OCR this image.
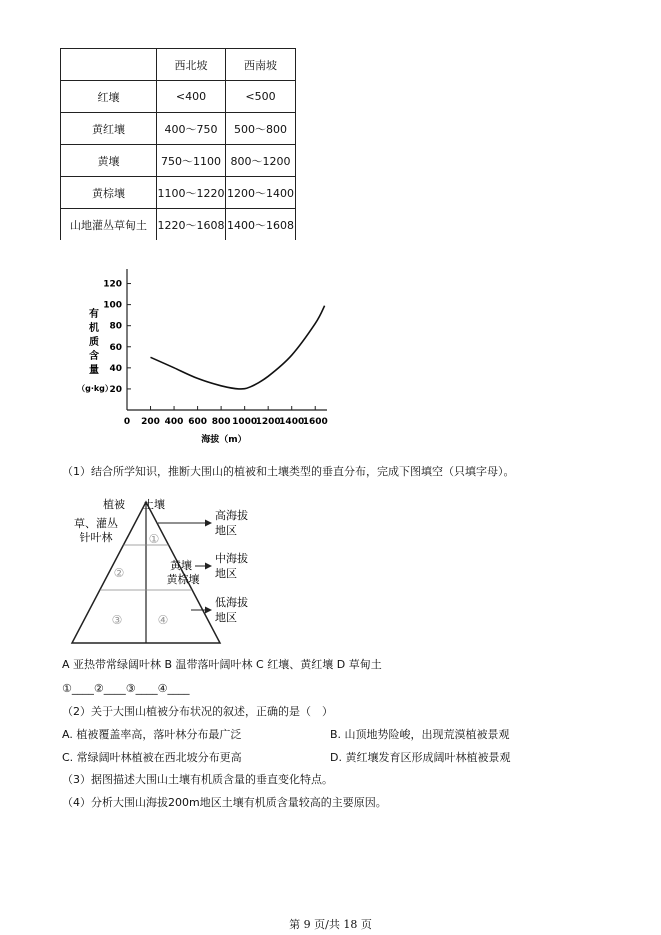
	西北坡	西南坡
红壤	<400	<500
黄红壤	400～750	500～800
黄壤	750～1100	800～1200
黄棕壤	1100～1220	1200～1400
山地灌丛草甸土	1220～1608	1400～1608
有
机
质
含
量
（g·kg）
海拔（m）
20
40
60
80
100
120
0 200 400 600 800 1000
1200
1400
1600
（1）结合所学知识，推断大围山的植被和土壤类型的垂直分布，完成下图填空（只填字母）。
植被 土壤
草、灌丛
针叶林	①
②
黄壤
黄棕壤
③	④
高海拔
地区
中海拔
地区
低海拔
地区
A 亚热带常绿阔叶林 B 温带落叶阔叶林 C 红壤、黄红壤 D 草甸土
①____②____③____④____
（2）关于大围山植被分布状况的叙述，正确的是（　）
A. 植被覆盖率高，落叶林分布最广泛	B. 山顶地势险峻，出现荒漠植被景观
C. 常绿阔叶林植被在西北坡分布更高	D. 黄红壤发育区形成阔叶林植被景观
（3）据图描述大围山土壤有机质含量的垂直变化特点。
（4）分析大围山海拔200m地区土壤有机质含量较高的主要原因。
第 9 页/共 18 页
